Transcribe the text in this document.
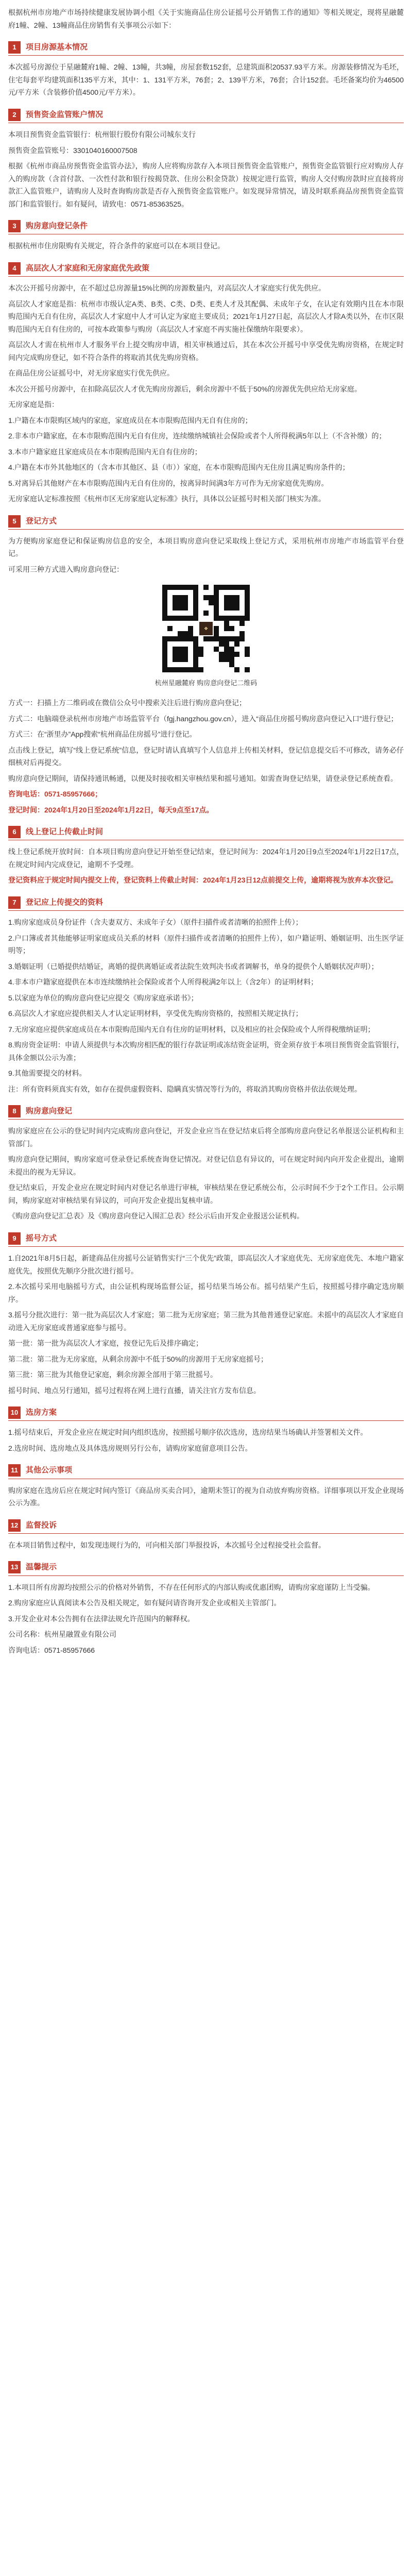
根据杭州市房地产市场持续健康发展协调小组《关于实施商品住房公证摇号公开销售工作的通知》等相关规定，现将星融麓府1幢、2幢、13幢商品住房销售有关事项公示如下：

1	项目房源基本情况

本次摇号房源位于星融麓府1幢、2幢、13幢，共3幢，房屋套数152套，总建筑面积20537.93平方米。房源装修情况为毛坯，住宅每套平均建筑面积135平方米，其中：1、131平方米，76套；2、139平方米，76套；合计152套。毛坯备案均价为46500元/平方米（含装修价值4500元/平方米）。

2	预售资金监管账户情况

本项目预售资金监管银行：杭州银行股份有限公司城东支行

预售资金监管账号：3301040160007508

根据《杭州市商品房预售资金监管办法》，购房人应将购房款存入本项目预售资金监管账户，预售资金监管银行应对购房人存入的购房款（含首付款、一次性付款和银行按揭贷款、住房公积金贷款）按规定进行监管，购房人交付购房款时应直接将房款汇入监管账户，请购房人及时查询购房款是否存入预售资金监管账户。如发现异常情况，请及时联系商品房预售资金监管部门和监管银行。如有疑问，请致电：0571-85363525。

3	购房意向登记条件

根据杭州市住房限购有关规定，符合条件的家庭可以在本项目登记。

4	高层次人才家庭和无房家庭优先政策

本次公开摇号房源中，在不超过总房源量15%比例的房源数量内，对高层次人才家庭实行优先供应。

高层次人才家庭是指：杭州市市级认定A类、B类、C类、D类、E类人才及其配偶、未成年子女，在认定有效期内且在本市限购范围内无自有住房，高层次人才家庭中人才可认定为家庭主要成员；2021年1月27日起，高层次人才除A类以外，在市区限购范围内无自有住房的，可按本政策参与购房（高层次人才家庭不再实施社保缴纳年限要求）。

高层次人才需在杭州市人才服务平台上提交购房申请，相关审核通过后，其在本次公开摇号中享受优先购房资格，在规定时间内完成购房登记，如不符合条件的将取消其优先购房资格。

在商品住房公证摇号中，对无房家庭实行优先供应。

本次公开摇号房源中，在扣除高层次人才优先购房房源后，剩余房源中不低于50%的房源优先供应给无房家庭。

无房家庭是指：

1.户籍在本市限购区域内的家庭，家庭成员在本市限购范围内无自有住房的；

2.非本市户籍家庭，在本市限购范围内无自有住房，连续缴纳城镇社会保险或者个人所得税满5年以上（不含补缴）的；

3.本市户籍家庭且家庭成员在本市限购范围内无自有住房的；

4.户籍在本市外其他地区的（含本市其他区、县（市））家庭，在本市限购范围内无住房且满足购房条件的；

5.对离异后其他财产在本市限购范围内无自有住房的，按离异时间满3年方可作为无房家庭优先购房。

无房家庭认定标准按照《杭州市区无房家庭认定标准》执行，具体以公证摇号时相关部门核实为准。

5	登记方式

为方便购房家庭登记和保证购房信息的安全，本项目购房意向登记采取线上登记方式，采用杭州市房地产市场监管平台登记。

可采用三种方式进入购房意向登记：

❖
杭州星融麓府 购房意向登记二维码

方式一：扫描上方二维码或在微信公众号中搜索关注后进行购房意向登记；

方式二：电脑端登录杭州市房地产市场监管平台（fgj.hangzhou.gov.cn），进入“商品住房摇号购房意向登记入口”进行登记；

方式三：在“浙里办”App搜索“杭州商品住房摇号”进行登记。

点击线上登记，填写“线上登记系统”信息，登记时请认真填写个人信息并上传相关材料，登记信息提交后不可修改，请务必仔细核对后再提交。

购房意向登记期间，请保持通讯畅通，以便及时接收相关审核结果和摇号通知。如需查询登记结果，请登录登记系统查看。

咨询电话：0571-85957666；

登记时间：2024年1月20日至2024年1月22日，每天9点至17点。

6	线上登记上传截止时间

线上登记系统开放时间：自本项目购房意向登记开始至登记结束，登记时间为：2024年1月20日9点至2024年1月22日17点，在规定时间内完成登记，逾期不予受理。

登记资料应于规定时间内提交上传，登记资料上传截止时间：2024年1月23日12点前提交上传，逾期将视为放弃本次登记。

7	登记应上传提交的资料

1.购房家庭成员身份证件（含夫妻双方、未成年子女）（原件扫描件或者清晰的拍照件上传）；

2.户口簿或者其他能够证明家庭成员关系的材料（原件扫描件或者清晰的拍照件上传），如户籍证明、婚姻证明、出生医学证明等；

3.婚姻证明（已婚提供结婚证，离婚的提供离婚证或者法院生效判决书或者调解书，单身的提供个人婚姻状况声明）；

4.非本市户籍家庭提供在本市连续缴纳社会保险或者个人所得税满2年以上（含2年）的证明材料；

5.以家庭为单位的购房意向登记应提交《购房家庭承诺书》；

6.高层次人才家庭应提供相关人才认定证明材料，享受优先购房资格的，按照相关规定执行；

7.无房家庭应提供家庭成员在本市限购范围内无自有住房的证明材料，以及相应的社会保险或个人所得税缴纳证明；

8.购房资金证明：申请人须提供与本次购房相匹配的银行存款证明或冻结资金证明，资金须存放于本项目预售资金监管银行，具体金额以公示为准；

9.其他需要提交的材料。

注：所有资料须真实有效，如存在提供虚假资料、隐瞒真实情况等行为的，将取消其购房资格并依法依规处理。

8	购房意向登记

购房家庭应在公示的登记时间内完成购房意向登记，开发企业应当在登记结束后将全部购房意向登记名单报送公证机构和主管部门。

购房意向登记期间，购房家庭可登录登记系统查询登记情况。对登记信息有异议的，可在规定时间内向开发企业提出，逾期未提出的视为无异议。

登记结束后，开发企业应在规定时间内对登记名单进行审核，审核结果在登记系统公布，公示时间不少于2个工作日。公示期间，购房家庭对审核结果有异议的，可向开发企业提出复核申请。

《购房意向登记汇总表》及《购房意向登记入围汇总表》经公示后由开发企业报送公证机构。

9	摇号方式

1.自2021年8月5日起，新建商品住房摇号公证销售实行“三个优先”政策，即高层次人才家庭优先、无房家庭优先、本地户籍家庭优先，按照优先顺序分批次进行摇号。

2.本次摇号采用电脑摇号方式，由公证机构现场监督公证，摇号结果当场公布。摇号结果产生后，按照摇号排序确定选房顺序。

3.摇号分批次进行：第一批为高层次人才家庭；第二批为无房家庭；第三批为其他普通登记家庭。未摇中的高层次人才家庭自动进入无房家庭或普通家庭参与摇号。

第一批：第一批为高层次人才家庭，按登记先后及排序确定；

第二批：第二批为无房家庭，从剩余房源中不低于50%的房源用于无房家庭摇号；

第三批：第三批为其他登记家庭，剩余房源全部用于第三批摇号。

摇号时间、地点另行通知，摇号过程将在网上进行直播，请关注官方发布信息。

10 选房方案

1.摇号结束后，开发企业应在规定时间内组织选房，按照摇号顺序依次选房，选房结果当场确认并签署相关文件。

2.选房时间、选房地点及具体选房规则另行公布，请购房家庭留意项目公告。

11	其他公示事项

购房家庭在选房后应在规定时间内签订《商品房买卖合同》，逾期未签订的视为自动放弃购房资格。详细事项以开发企业现场公示为准。

12 监督投诉

在本项目销售过程中，如发现违规行为的，可向相关部门举报投诉，本次摇号全过程接受社会监督。

13 温馨提示

1.本项目所有房源均按照公示的价格对外销售，不存在任何形式的内部认购或优惠团购，请购房家庭谨防上当受骗。

2.购房家庭应认真阅读本公告及相关规定，如有疑问请咨询开发企业或相关主管部门。

3.开发企业对本公告拥有在法律法规允许范围内的解释权。

公司名称：杭州星融置业有限公司
咨询电话：0571-85957666
